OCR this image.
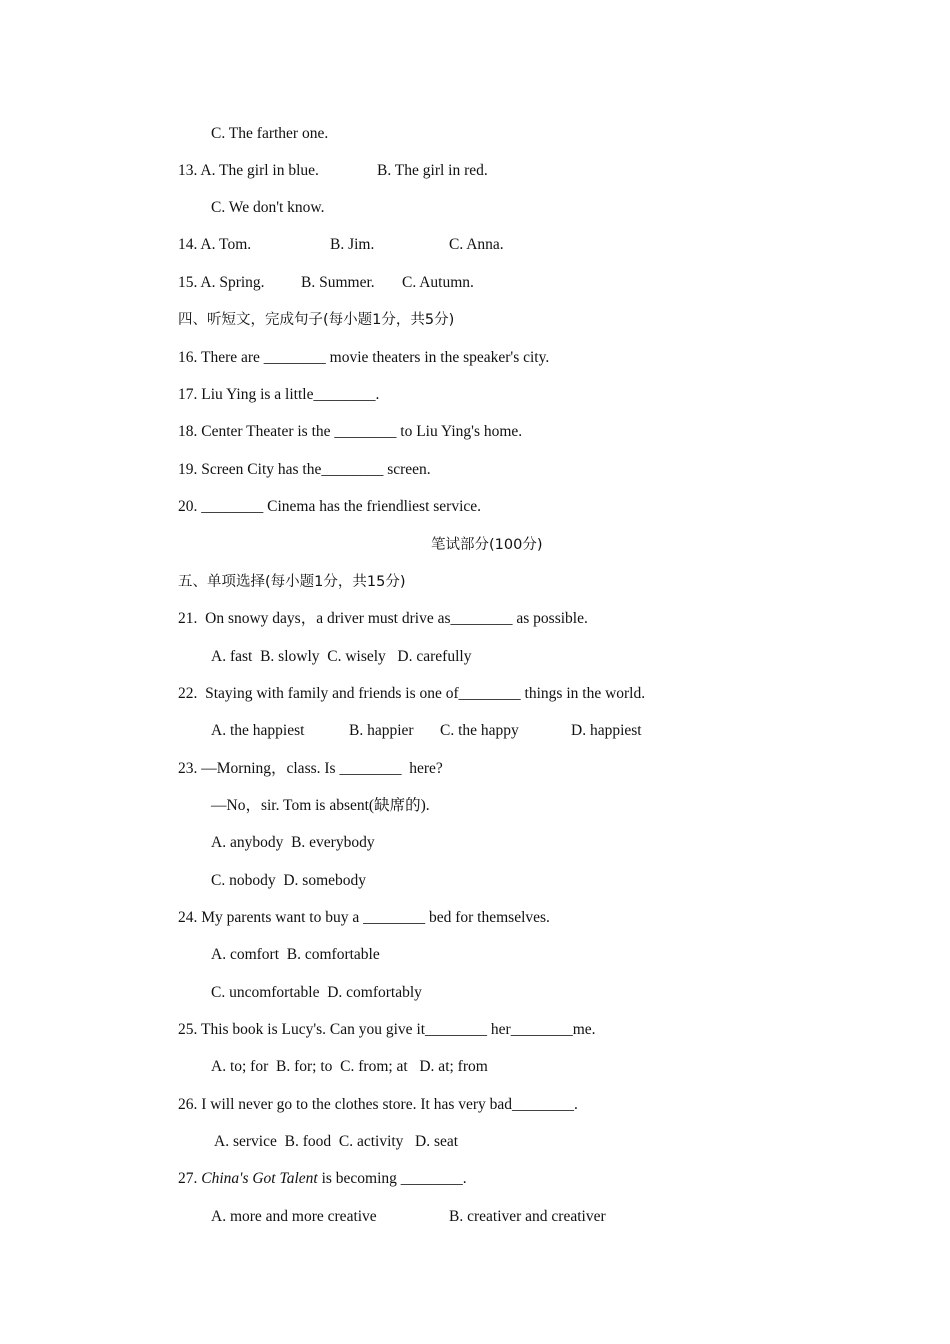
C. The farther one.
13. A. The girl in blue.	B. The girl in red.
C. We don't know.
14. A. Tom.	B. Jim.	C. Anna.
15. A. Spring. B. Summer. C. Autumn.
四、听短文，完成句子(每小题1分，共5分)
16. There are ________ movie theaters in the speaker's city.
17. Liu Ying is a little________.
18. Center Theater is the ________ to Liu Ying's home.
19. Screen City has the________ screen.
20. ________ Cinema has the friendliest service.
笔试部分(100分)
五、单项选择(每小题1分，共15分)
21.  On snowy days，a driver must drive as________ as possible.
A. fast  B. slowly  C. wisely   D. carefully
22.  Staying with family and friends is one of________ things in the world.
A. the happiest	B. happier C. the happy	D. happiest
23. —Morning，class. Is ________  here?
—No，sir. Tom is absent(缺席的).
A. anybody  B. everybody
C. nobody  D. somebody
24. My parents want to buy a ________ bed for themselves.
A. comfort  B. comfortable
C. uncomfortable  D. comfortably
25. This book is Lucy's. Can you give it________ her________me.
A. to; for  B. for; to  C. from; at   D. at; from
26. I will never go to the clothes store. It has very bad________.
A. service  B. food  C. activity   D. seat
27. China's Got Talent is becoming ________.
A. more and more creative	B. creativer and creativer
